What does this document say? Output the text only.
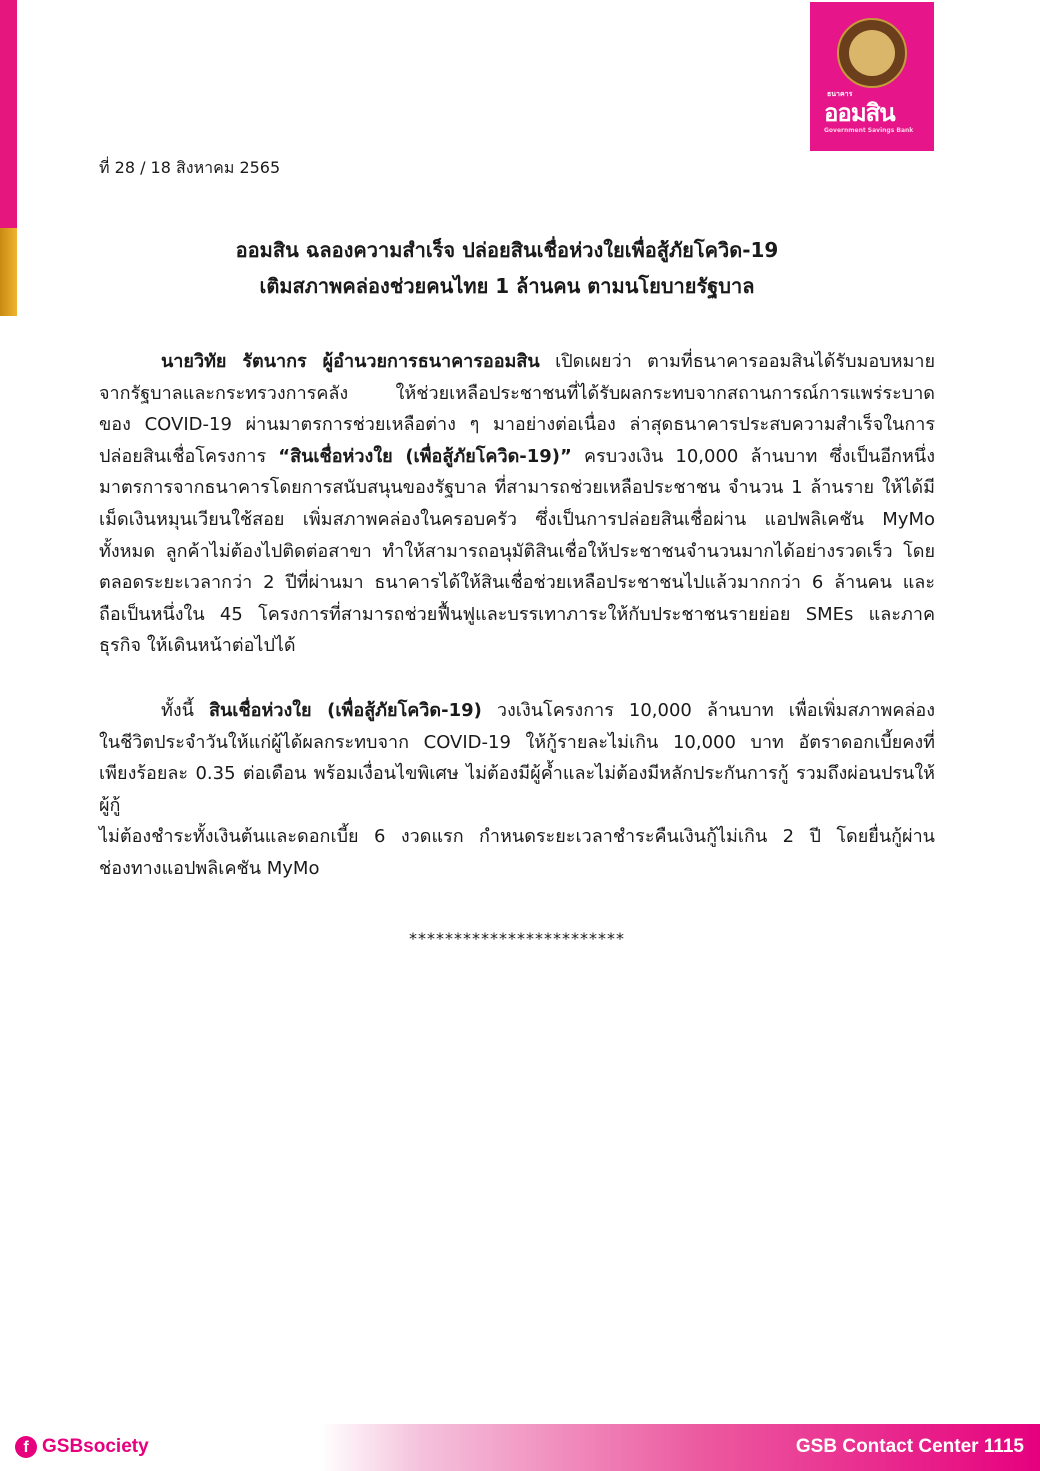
ธนาคาร
ออมสิน
Government Savings Bank
ที่ 28 / 18 สิงหาคม 2565
ออมสิน ฉลองความสำเร็จ ปล่อยสินเชื่อห่วงใยเพื่อสู้ภัยโควิด-19
เติมสภาพคล่องช่วยคนไทย 1 ล้านคน ตามนโยบายรัฐบาล
นายวิทัย รัตนากร ผู้อำนวยการธนาคารออมสิน เปิดเผยว่า ตามที่ธนาคารออมสินได้รับมอบหมาย
จากรัฐบาลและกระทรวงการคลัง ให้ช่วยเหลือประชาชนที่ได้รับผลกระทบจากสถานการณ์การแพร่ระบาด
ของ COVID-19 ผ่านมาตรการช่วยเหลือต่าง ๆ มาอย่างต่อเนื่อง ล่าสุดธนาคารประสบความสำเร็จในการ
ปล่อยสินเชื่อโครงการ “สินเชื่อห่วงใย (เพื่อสู้ภัยโควิด-19)” ครบวงเงิน 10,000 ล้านบาท ซึ่งเป็นอีกหนึ่ง
มาตรการจากธนาคารโดยการสนับสนุนของรัฐบาล ที่สามารถช่วยเหลือประชาชน จำนวน 1 ล้านราย ให้ได้มี
เม็ดเงินหมุนเวียนใช้สอย เพิ่มสภาพคล่องในครอบครัว ซึ่งเป็นการปล่อยสินเชื่อผ่าน แอปพลิเคชัน MyMo
ทั้งหมด ลูกค้าไม่ต้องไปติดต่อสาขา ทำให้สามารถอนุมัติสินเชื่อให้ประชาชนจำนวนมากได้อย่างรวดเร็ว โดย
ตลอดระยะเวลากว่า 2 ปีที่ผ่านมา ธนาคารได้ให้สินเชื่อช่วยเหลือประชาชนไปแล้วมากกว่า 6 ล้านคน และ
ถือเป็นหนึ่งใน 45 โครงการที่สามารถช่วยฟื้นฟูและบรรเทาภาระให้กับประชาชนรายย่อย SMEs และภาค
ธุรกิจ ให้เดินหน้าต่อไปได้
ทั้งนี้ สินเชื่อห่วงใย (เพื่อสู้ภัยโควิด-19) วงเงินโครงการ 10,000 ล้านบาท เพื่อเพิ่มสภาพคล่อง
ในชีวิตประจำวันให้แก่ผู้ได้ผลกระทบจาก COVID-19 ให้กู้รายละไม่เกิน 10,000 บาท อัตราดอกเบี้ยคงที่
เพียงร้อยละ 0.35 ต่อเดือน พร้อมเงื่อนไขพิเศษ ไม่ต้องมีผู้ค้ำและไม่ต้องมีหลักประกันการกู้ รวมถึงผ่อนปรนให้ผู้กู้
ไม่ต้องชำระทั้งเงินต้นและดอกเบี้ย 6 งวดแรก กำหนดระยะเวลาชำระคืนเงินกู้ไม่เกิน 2 ปี โดยยื่นกู้ผ่าน
ช่องทางแอปพลิเคชัน MyMo
************************
f GSBsociety	GSB Contact Center 1115
